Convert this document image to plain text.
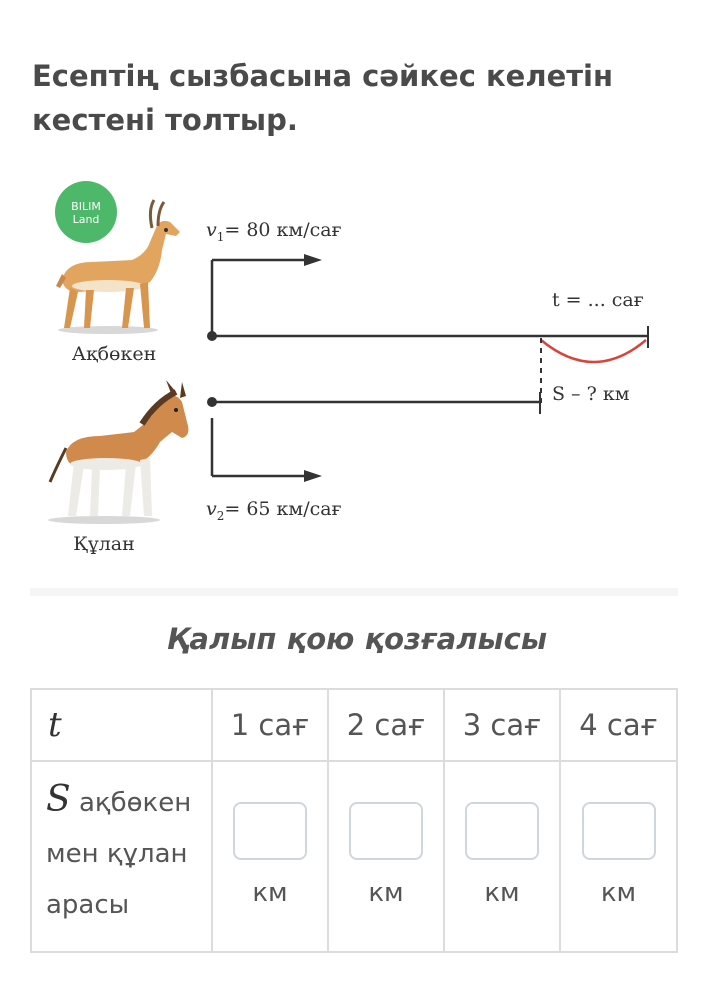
Есептің сызбасына сәйкес келетін кестені толтыр.
BILIM
Land
Ақбөкен
Құлан
$v_1= 80$ км/сағ
t = ... сағ
S – ? км
$v_2= 65$ км/сағ
Қалып қою қозғалысы
t	1 сағ	2 сағ	3 сағ	4 сағ
S ақбөкен мен құлан арасы	км	км	км	км
